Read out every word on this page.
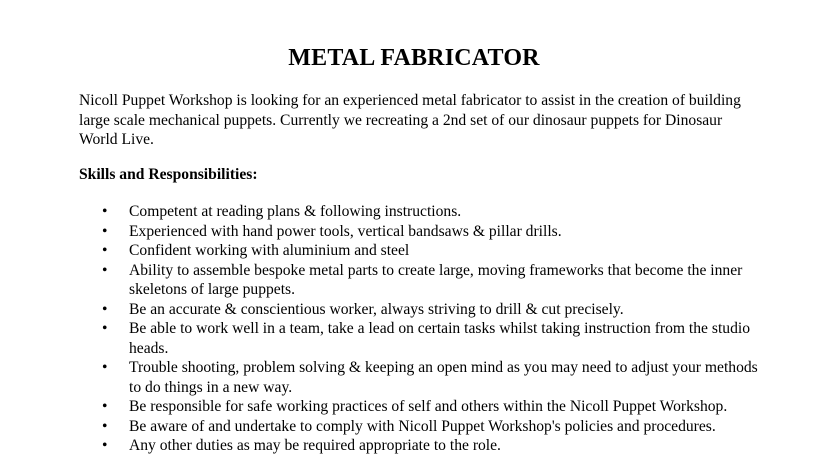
METAL FABRICATOR

Nicoll Puppet Workshop is looking for an experienced metal fabricator to assist in the creation of building large scale mechanical puppets. Currently we recreating a 2nd set of our dinosaur puppets for Dinosaur World Live.

Skills and Responsibilities:

• Competent at reading plans & following instructions.
• Experienced with hand power tools, vertical bandsaws & pillar drills.
• Confident working with aluminium and steel
• Ability to assemble bespoke metal parts to create large, moving frameworks that become the inner skeletons of large puppets.
• Be an accurate & conscientious worker, always striving to drill & cut precisely.
• Be able to work well in a team, take a lead on certain tasks whilst taking instruction from the studio heads.
• Trouble shooting, problem solving & keeping an open mind as you may need to adjust your methods to do things in a new way.
• Be responsible for safe working practices of self and others within the Nicoll Puppet Workshop.
• Be aware of and undertake to comply with Nicoll Puppet Workshop's policies and procedures.
• Any other duties as may be required appropriate to the role.
